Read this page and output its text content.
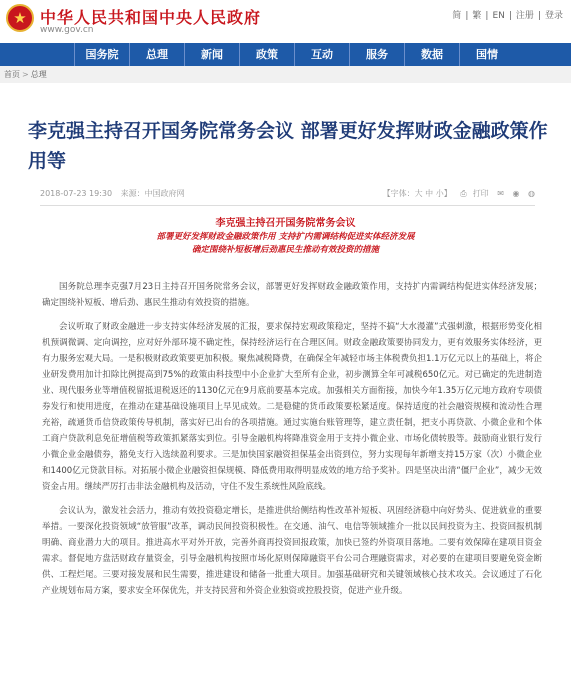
★ 中华人民共和国中央人民政府
www.gov.cn
简 | 繁 | EN | 注册 | 登录
国务院	总理	新闻	政策	互动	服务	数据	国情
首页 > 总理
李克强主持召开国务院常务会议 部署更好发挥财政金融政策作用等
2018-07-23 19:30 来源：中国政府网	【字体：大 中 小】 ⎙ 打印 ✉ ◉ ◍
李克强主持召开国务院常务会议
部署更好发挥财政金融政策作用 支持扩内需调结构促进实体经济发展
确定围绕补短板增后劲惠民生推动有效投资的措施

国务院总理李克强7月23日主持召开国务院常务会议，部署更好发挥财政金融政策作用，支持扩内需调结构促进实体经济发展；确定围绕补短板、增后劲、惠民生推动有效投资的措施。

会议听取了财政金融进一步支持实体经济发展的汇报，要求保持宏观政策稳定，坚持不搞“大水漫灌”式强刺激，根据形势变化相机预调微调、定向调控，应对好外部环境不确定性，保持经济运行在合理区间。财政金融政策要协同发力，更有效服务实体经济，更有力服务宏观大局。一是积极财政政策要更加积极。聚焦减税降费，在确保全年减轻市场主体税费负担1.1万亿元以上的基础上，将企业研发费用加计扣除比例提高到75%的政策由科技型中小企业扩大至所有企业，初步测算全年可减税650亿元。对已确定的先进制造业、现代服务业等增值税留抵退税返还的1130亿元在9月底前要基本完成。加强相关方面衔接，加快今年1.35万亿元地方政府专项债券发行和使用进度，在推动在建基础设施项目上早见成效。二是稳健的货币政策要松紧适度。保持适度的社会融资规模和流动性合理充裕，疏通货币信贷政策传导机制，落实好已出台的各项措施。通过实施台账管理等，建立责任制，把支小再贷款、小微企业和个体工商户贷款利息免征增值税等政策抓紧落实到位。引导金融机构将降准资金用于支持小微企业、市场化债转股等。鼓励商业银行发行小微企业金融债券，豁免支行入选续盈利要求。三是加快国家融资担保基金出资到位，努力实现每年新增支持15万家（次）小微企业和1400亿元贷款目标。对拓展小微企业融资担保规模、降低费用取得明显成效的地方给予奖补。四是坚决出清“僵尸企业”，减少无效资金占用。继续严厉打击非法金融机构及活动，守住不发生系统性风险底线。

会议认为，激发社会活力，推动有效投资稳定增长，是推进供给侧结构性改革补短板、巩固经济稳中向好势头、促进就业的重要举措。一要深化投资领域“放管服”改革，调动民间投资积极性。在交通、油气、电信等领域推介一批以民间投资为主、投资回报机制明确、商业潜力大的项目。推进高水平对外开放，完善外商再投资回报政策，加快已签约外资项目落地。二要有效保障在建项目资金需求。督促地方盘活财政存量资金，引导金融机构按照市场化原则保障融资平台公司合理融资需求，对必要的在建项目要避免资金断供、工程烂尾。三要对接发展和民生需要，推进建设和储备一批重大项目。加强基础研究和关键领域核心技术攻关。会议通过了石化产业规划布局方案，要求安全环保优先，并支持民营和外资企业独资或控股投资，促进产业升级。
